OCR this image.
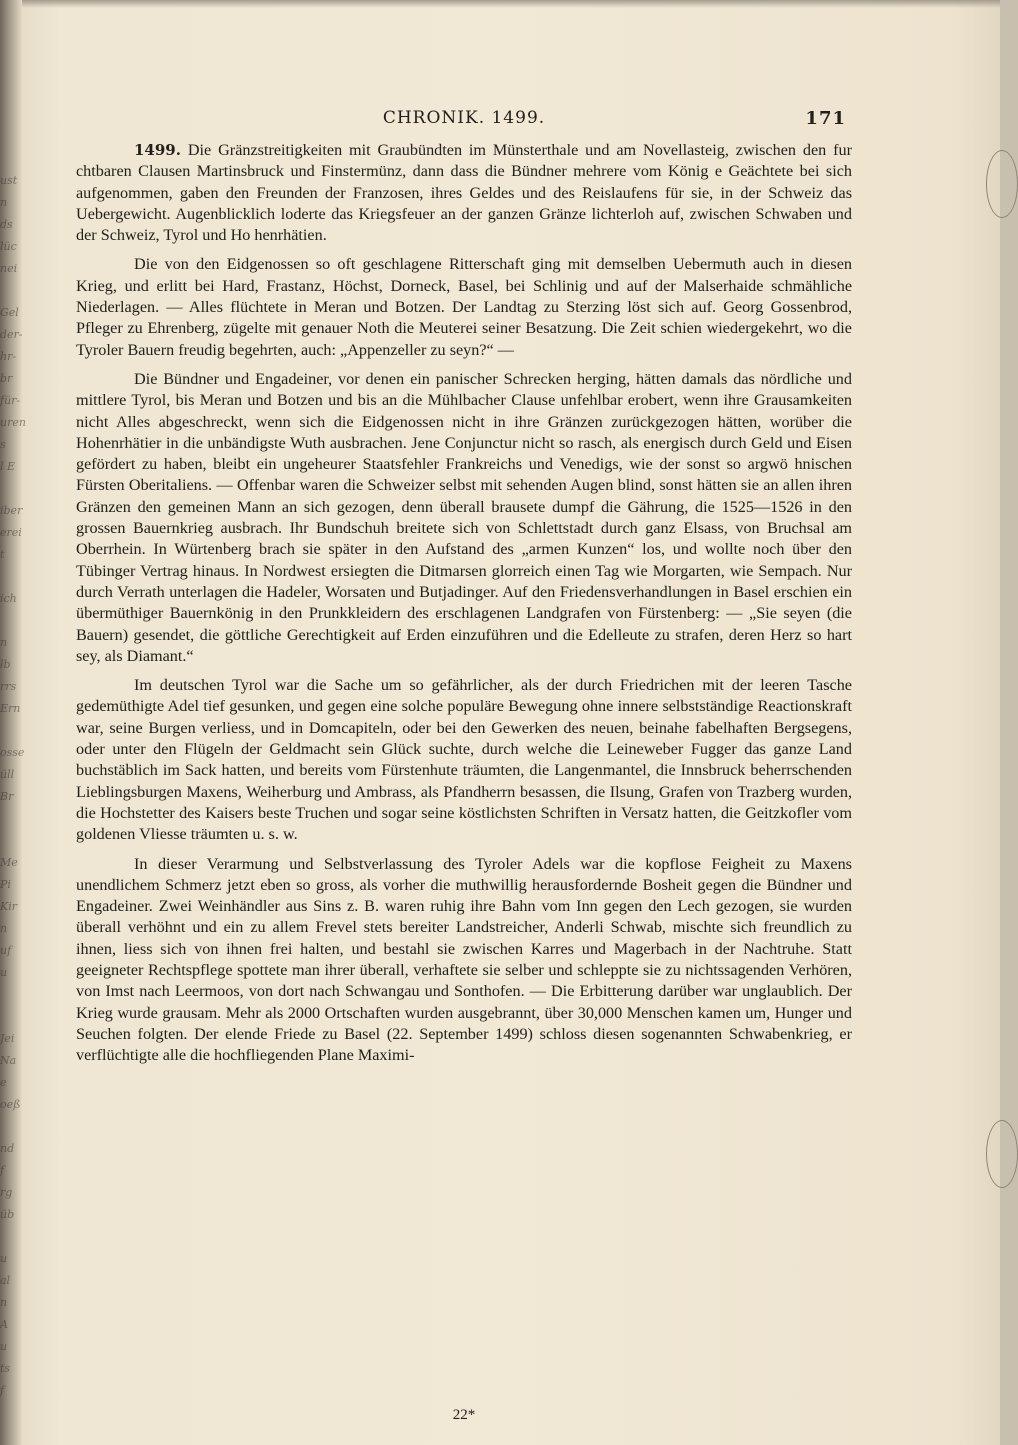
ust
n
ds
lüc
nei

Gel
der-
hr-
br
für-
uren
s
l E

iber
erei
t

ich

n
lb
rrs
Ern

osse
üll
Br

Me
Pi
Kir
n
uf
u

Jei
Na
e
oeß

nd
f
rg
üb

u
al
n
A
u
ts
f
CHRONIK. 1499.	171

1499. Die Gränzstreitigkeiten mit Graubündten im Münsterthale und am Novellasteig, zwischen den fur chtbaren Clausen Martinsbruck und Finstermünz, dann dass die Bündner mehrere vom König e Geächtete bei sich aufgenommen, gaben den Freunden der Franzosen, ihres Geldes und des Reislaufens für sie, in der Schweiz das Uebergewicht. Augenblicklich loderte das Kriegsfeuer an der ganzen Gränze lichterloh auf, zwischen Schwaben und der Schweiz, Tyrol und Ho henrhätien.

Die von den Eidgenossen so oft geschlagene Ritterschaft ging mit demselben Uebermuth auch in diesen Krieg, und erlitt bei Hard, Frastanz, Höchst, Dorneck, Basel, bei Schlinig und auf der Malserhaide schmähliche Niederlagen. — Alles flüchtete in Meran und Botzen. Der Landtag zu Sterzing löst sich auf. Georg Gossenbrod, Pfleger zu Ehrenberg, zügelte mit genauer Noth die Meuterei seiner Besatzung. Die Zeit schien wiedergekehrt, wo die Tyroler Bauern freudig begehrten, auch: „Appenzeller zu seyn?“ —

Die Bündner und Engadeiner, vor denen ein panischer Schrecken herging, hätten damals das nördliche und mittlere Tyrol, bis Meran und Botzen und bis an die Mühlbacher Clause unfehlbar erobert, wenn ihre Grausamkeiten nicht Alles abgeschreckt, wenn sich die Eidgenossen nicht in ihre Gränzen zurückgezogen hätten, worüber die Hohenrhätier in die unbändigste Wuth ausbrachen. Jene Conjunctur nicht so rasch, als energisch durch Geld und Eisen gefördert zu haben, bleibt ein ungeheurer Staatsfehler Frankreichs und Venedigs, wie der sonst so argwö hnischen Fürsten Oberitaliens. — Offenbar waren die Schweizer selbst mit sehenden Augen blind, sonst hätten sie an allen ihren Gränzen den gemeinen Mann an sich gezogen, denn überall brausete dumpf die Gährung, die 1525—1526 in den grossen Bauernkrieg ausbrach. Ihr Bundschuh breitete sich von Schlettstadt durch ganz Elsass, von Bruchsal am Oberrhein. In Würtenberg brach sie später in den Aufstand des „armen Kunzen“ los, und wollte noch über den Tübinger Vertrag hinaus. In Nordwest ersiegten die Ditmarsen glorreich einen Tag wie Morgarten, wie Sempach. Nur durch Verrath unterlagen die Hadeler, Worsaten und Butjadinger. Auf den Friedensverhandlungen in Basel erschien ein übermüthiger Bauernkönig in den Prunkkleidern des erschlagenen Landgrafen von Fürstenberg: — „Sie seyen (die Bauern) gesendet, die göttliche Gerechtigkeit auf Erden einzuführen und die Edelleute zu strafen, deren Herz so hart sey, als Diamant.“

Im deutschen Tyrol war die Sache um so gefährlicher, als der durch Friedrichen mit der leeren Tasche gedemüthigte Adel tief gesunken, und gegen eine solche populäre Bewegung ohne innere selbstständige Reactionskraft war, seine Burgen verliess, und in Domcapiteln, oder bei den Gewerken des neuen, beinahe fabelhaften Bergsegens, oder unter den Flügeln der Geldmacht sein Glück suchte, durch welche die Leineweber Fugger das ganze Land buchstäblich im Sack hatten, und bereits vom Fürstenhute träumten, die Langenmantel, die Innsbruck beherrschenden Lieblingsburgen Maxens, Weiherburg und Ambrass, als Pfandherrn besassen, die Ilsung, Grafen von Trazberg wurden, die Hochstetter des Kaisers beste Truchen und sogar seine köstlichsten Schriften in Versatz hatten, die Geitzkofler vom goldenen Vliesse träumten u. s. w.

In dieser Verarmung und Selbstverlassung des Tyroler Adels war die kopflose Feigheit zu Maxens unendlichem Schmerz jetzt eben so gross, als vorher die muthwillig herausfordernde Bosheit gegen die Bündner und Engadeiner. Zwei Weinhändler aus Sins z. B. waren ruhig ihre Bahn vom Inn gegen den Lech gezogen, sie wurden überall verhöhnt und ein zu allem Frevel stets bereiter Landstreicher, Anderli Schwab, mischte sich freundlich zu ihnen, liess sich von ihnen frei halten, und bestahl sie zwischen Karres und Magerbach in der Nachtruhe. Statt geeigneter Rechtspflege spottete man ihrer überall, verhaftete sie selber und schleppte sie zu nichtssagenden Verhören, von Imst nach Leermoos, von dort nach Schwangau und Sonthofen. — Die Erbitterung darüber war unglaublich. Der Krieg wurde grausam. Mehr als 2000 Ortschaften wurden ausgebrannt, über 30,000 Menschen kamen um, Hunger und Seuchen folgten. Der elende Friede zu Basel (22. September 1499) schloss diesen sogenannten Schwabenkrieg, er verflüchtigte alle die hochfliegenden Plane Maximi-

22*
